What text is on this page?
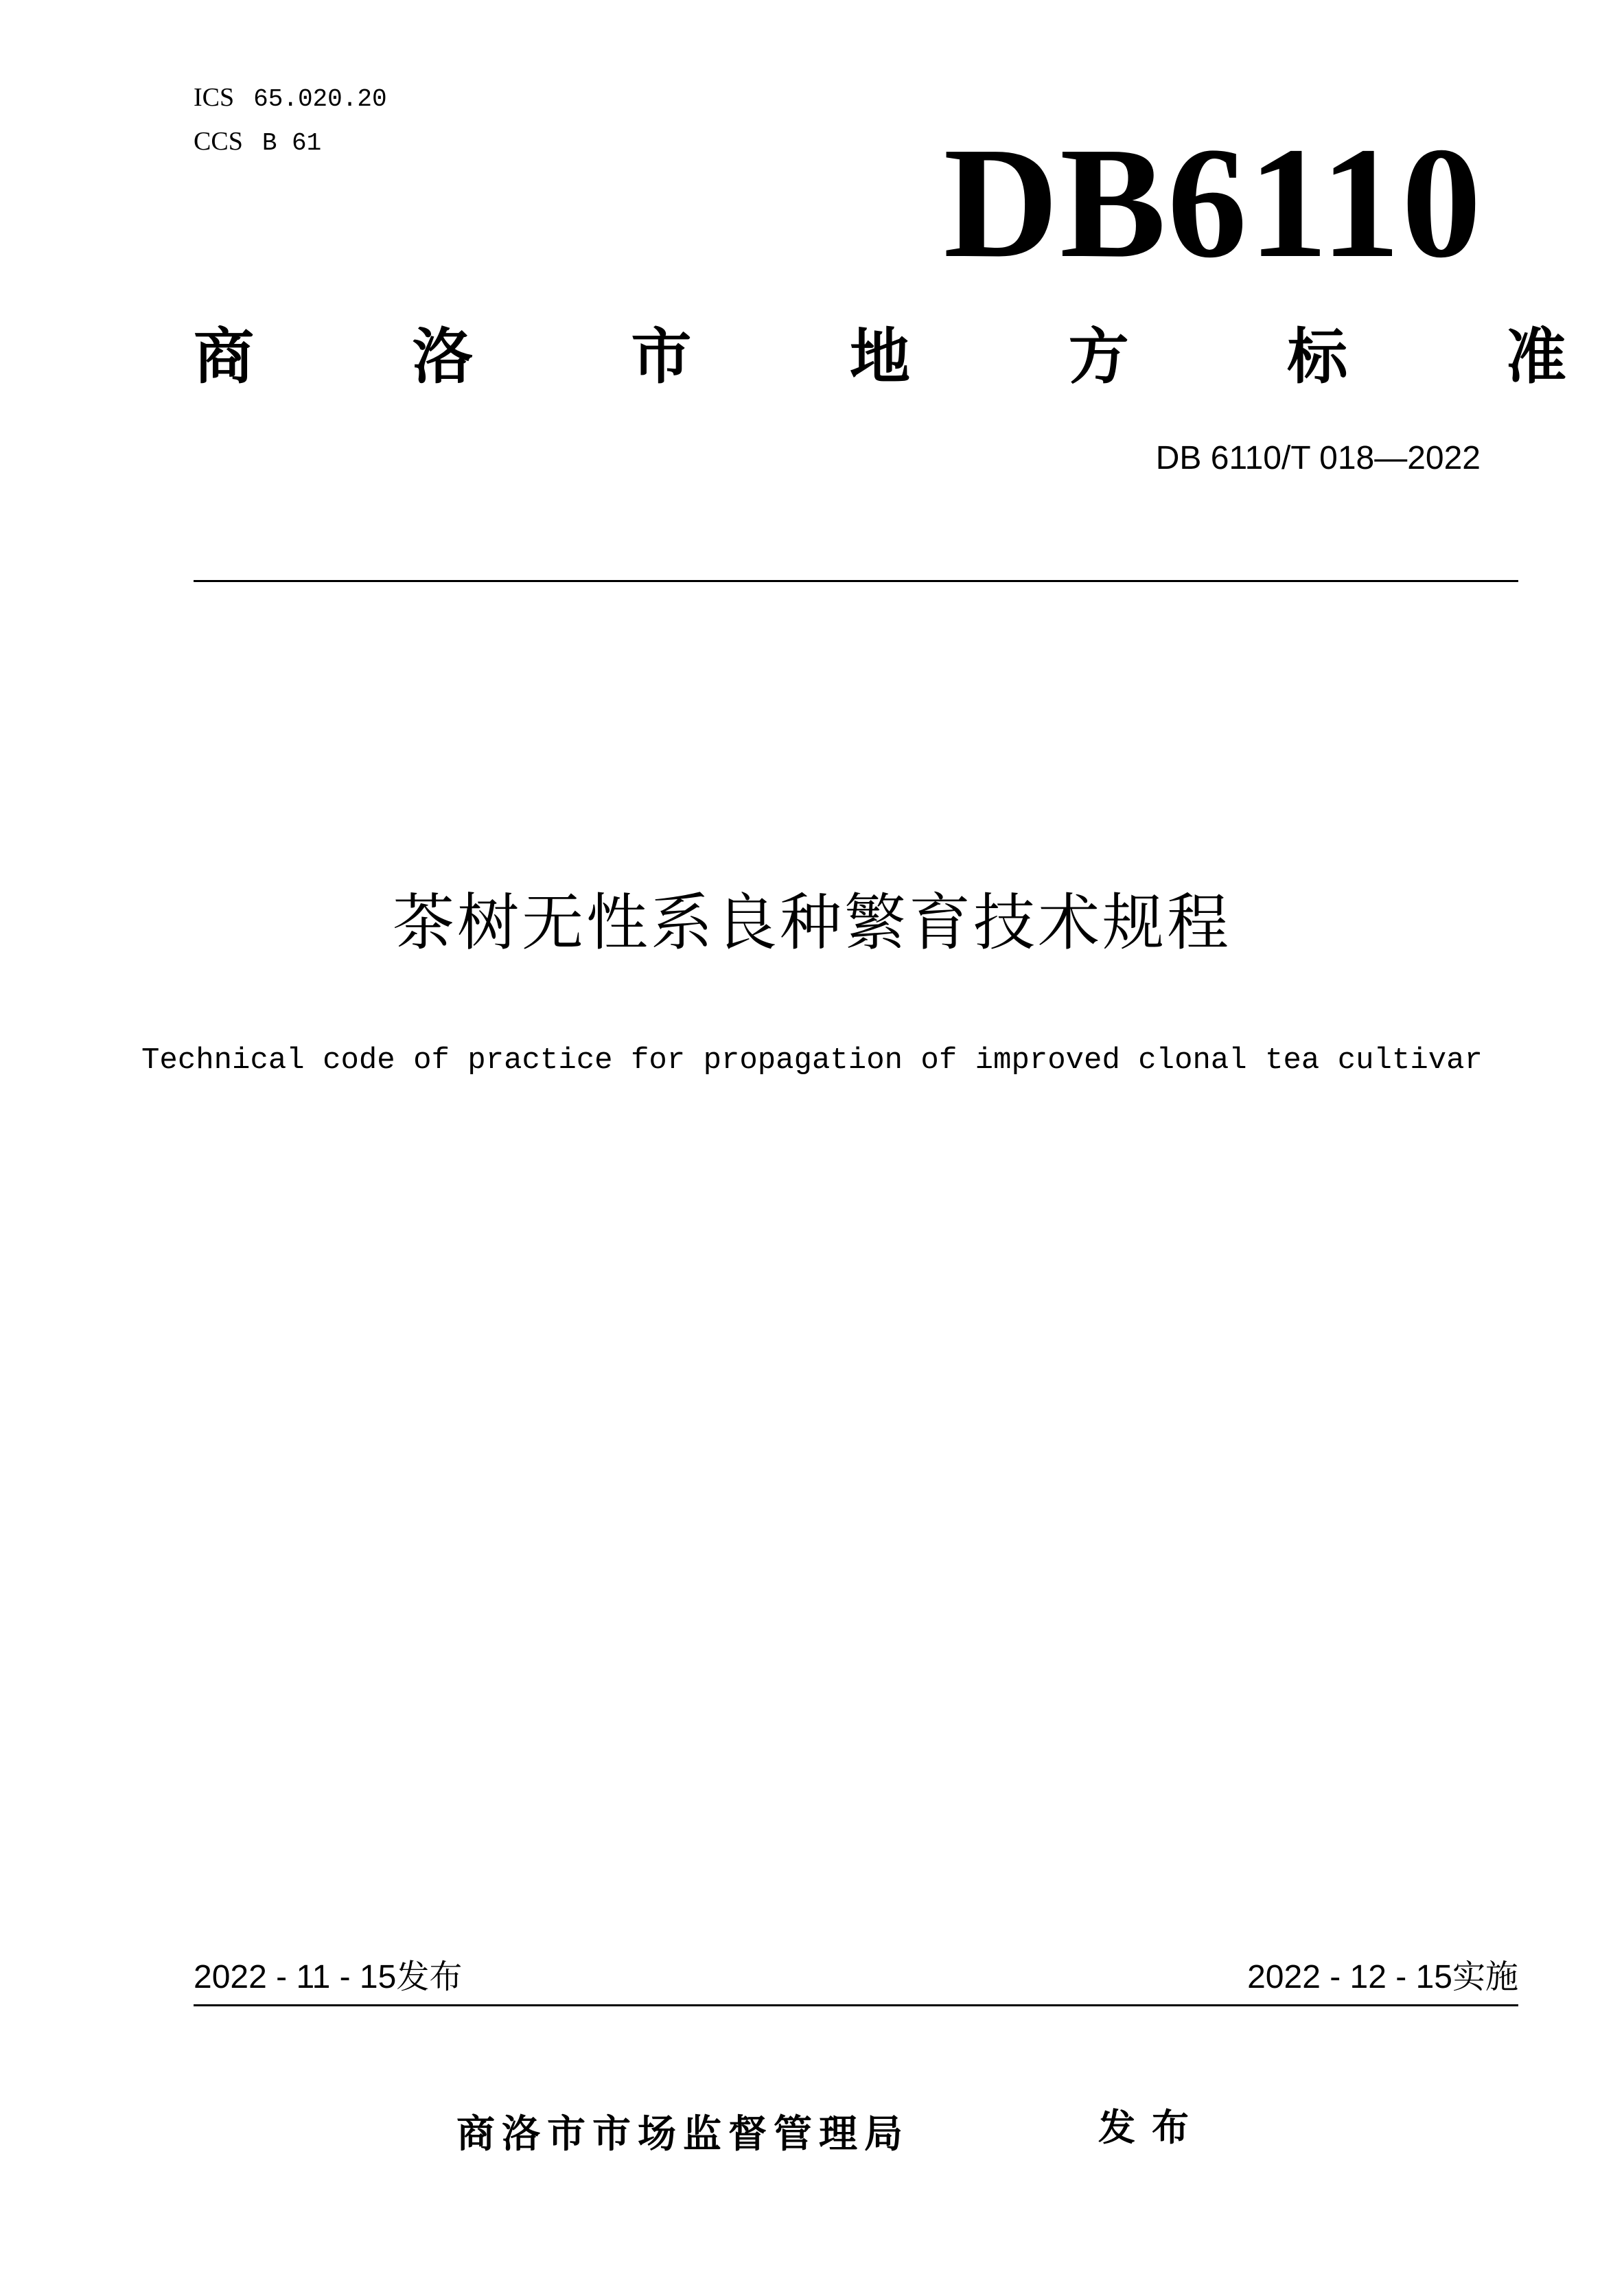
ICS 65.020.20
CCS B 61	DB6110
商	洛	市	地	方	标	准
DB 6110/T 018—2022
茶树无性系良种繁育技术规程
Technical code of practice for propagation of improved clonal tea cultivar
2022 - 11 - 15发布	2022 - 12 - 15实施
商洛市市场监督管理局	发布
